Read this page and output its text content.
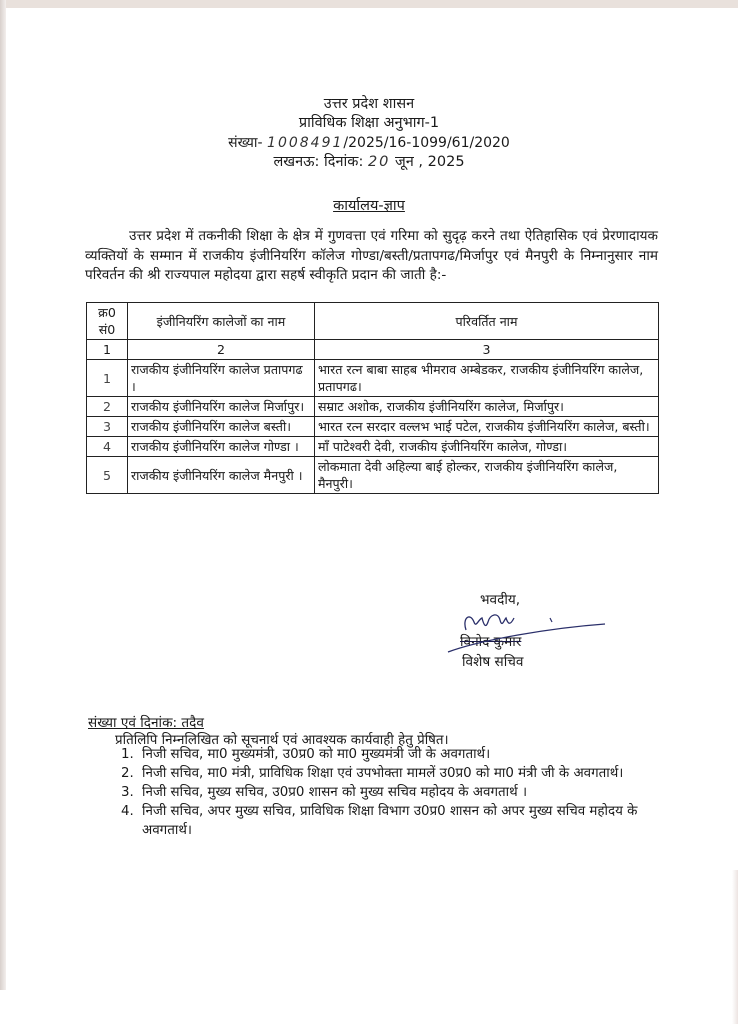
उत्तर प्रदेश शासन
प्राविधिक शिक्षा अनुभाग-1
संख्या- 1008491/2025/16-1099/61/2020
लखनऊ: दिनांक: 20 जून , 2025
कार्यालय-ज्ञाप
उत्तर प्रदेश में तकनीकी शिक्षा के क्षेत्र में गुणवत्ता एवं गरिमा को सुदृढ़ करने तथा ऐतिहासिक एवं प्रेरणादायक व्यक्तियों के सम्मान में राजकीय इंजीनियरिंग कॉलेज गोण्डा/बस्ती/प्रतापगढ/मिर्जापुर एवं मैनपुरी के निम्नानुसार नाम परिवर्तन की श्री राज्यपाल महोदया द्वारा सहर्ष स्वीकृति प्रदान की जाती है:-
क्र0 सं0	इंजीनियरिंग कालेजों का नाम	परिवर्तित नाम
1	2	3
1	राजकीय इंजीनियरिंग कालेज प्रतापगढ ।	भारत रत्न बाबा साहब भीमराव अम्बेडकर, राजकीय इंजीनियरिंग कालेज, प्रतापगढ।
2	राजकीय इंजीनियरिंग कालेज मिर्जापुर।	सम्राट अशोक, राजकीय इंजीनियरिंग कालेज, मिर्जापुर।
3	राजकीय इंजीनियरिंग कालेज बस्ती।	भारत रत्न सरदार वल्लभ भाई पटेल, राजकीय इंजीनियरिंग कालेज, बस्ती।
4	राजकीय इंजीनियरिंग कालेज गोण्डा ।	माँ पाटेश्वरी देवी, राजकीय इंजीनियरिंग कालेज, गोण्डा।
5	राजकीय इंजीनियरिंग कालेज मैनपुरी ।	लोकमाता देवी अहिल्या बाई होल्कर, राजकीय इंजीनियरिंग कालेज, मैनपुरी।
भवदीय,
विनोद कुमार
विशेष सचिव
संख्या एवं दिनांक: तदैव
प्रतिलिपि निम्नलिखित को सूचनार्थ एवं आवश्यक कार्यवाही हेतु प्रेषित।
1. निजी सचिव, मा0 मुख्यमंत्री, उ0प्र0 को मा0 मुख्यमंत्री जी के अवगतार्थ।
2. निजी सचिव, मा0 मंत्री, प्राविधिक शिक्षा एवं उपभोक्ता मामलें उ0प्र0 को मा0 मंत्री जी के अवगतार्थ।
3. निजी सचिव, मुख्य सचिव, उ0प्र0 शासन को मुख्य सचिव महोदय के अवगतार्थ ।
4. निजी सचिव, अपर मुख्य सचिव, प्राविधिक शिक्षा विभाग उ0प्र0 शासन को अपर मुख्य सचिव महोदय के अवगतार्थ।
